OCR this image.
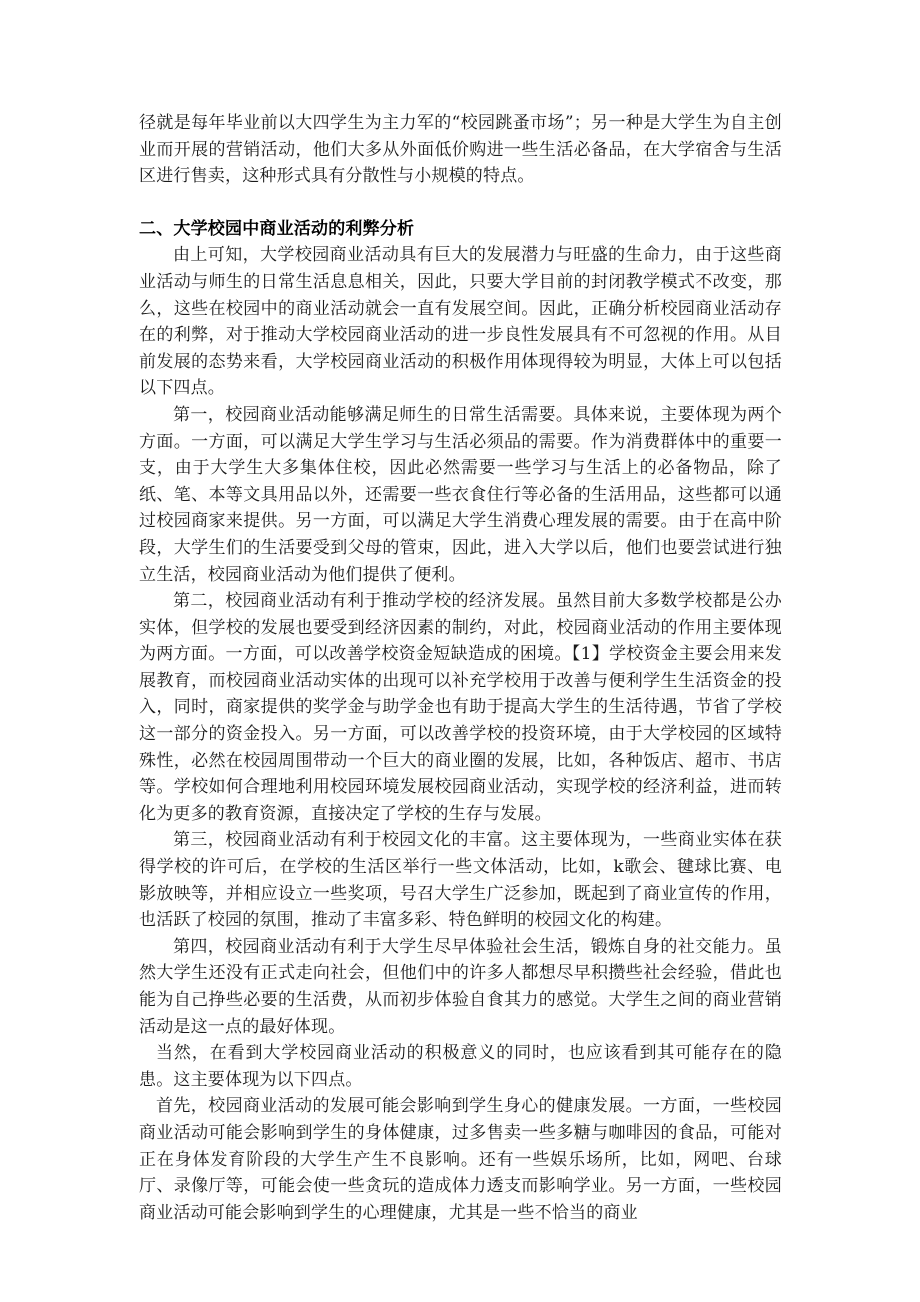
径就是每年毕业前以大四学生为主力军的“校园跳蚤市场”；另一种是大学生为自主创业而开展的营销活动，他们大多从外面低价购进一些生活必备品，在大学宿舍与生活区进行售卖，这种形式具有分散性与小规模的特点。

二、大学校园中商业活动的利弊分析

由上可知，大学校园商业活动具有巨大的发展潜力与旺盛的生命力，由于这些商业活动与师生的日常生活息息相关，因此，只要大学目前的封闭教学模式不改变，那么，这些在校园中的商业活动就会一直有发展空间。因此，正确分析校园商业活动存在的利弊，对于推动大学校园商业活动的进一步良性发展具有不可忽视的作用。从目前发展的态势来看，大学校园商业活动的积极作用体现得较为明显，大体上可以包括以下四点。

第一，校园商业活动能够满足师生的日常生活需要。具体来说，主要体现为两个方面。一方面，可以满足大学生学习与生活必须品的需要。作为消费群体中的重要一支，由于大学生大多集体住校，因此必然需要一些学习与生活上的必备物品，除了纸、笔、本等文具用品以外，还需要一些衣食住行等必备的生活用品，这些都可以通过校园商家来提供。另一方面，可以满足大学生消费心理发展的需要。由于在高中阶段，大学生们的生活要受到父母的管束，因此，进入大学以后，他们也要尝试进行独立生活，校园商业活动为他们提供了便利。

第二，校园商业活动有利于推动学校的经济发展。虽然目前大多数学校都是公办实体，但学校的发展也要受到经济因素的制约，对此，校园商业活动的作用主要体现为两方面。一方面，可以改善学校资金短缺造成的困境。【1】学校资金主要会用来发展教育，而校园商业活动实体的出现可以补充学校用于改善与便利学生生活资金的投入，同时，商家提供的奖学金与助学金也有助于提高大学生的生活待遇，节省了学校这一部分的资金投入。另一方面，可以改善学校的投资环境，由于大学校园的区域特殊性，必然在校园周围带动一个巨大的商业圈的发展，比如，各种饭店、超市、书店等。学校如何合理地利用校园环境发展校园商业活动，实现学校的经济利益，进而转化为更多的教育资源，直接决定了学校的生存与发展。

第三，校园商业活动有利于校园文化的丰富。这主要体现为，一些商业实体在获得学校的许可后，在学校的生活区举行一些文体活动，比如，k歌会、毽球比赛、电影放映等，并相应设立一些奖项，号召大学生广泛参加，既起到了商业宣传的作用，也活跃了校园的氛围，推动了丰富多彩、特色鲜明的校园文化的构建。

第四，校园商业活动有利于大学生尽早体验社会生活，锻炼自身的社交能力。虽然大学生还没有正式走向社会，但他们中的许多人都想尽早积攒些社会经验，借此也能为自己挣些必要的生活费，从而初步体验自食其力的感觉。大学生之间的商业营销活动是这一点的最好体现。

当然，在看到大学校园商业活动的积极意义的同时，也应该看到其可能存在的隐患。这主要体现为以下四点。

首先，校园商业活动的发展可能会影响到学生身心的健康发展。一方面，一些校园商业活动可能会影响到学生的身体健康，过多售卖一些多糖与咖啡因的食品，可能对正在身体发育阶段的大学生产生不良影响。还有一些娱乐场所，比如，网吧、台球厅、录像厅等，可能会使一些贪玩的造成体力透支而影响学业。另一方面，一些校园商业活动可能会影响到学生的心理健康，尤其是一些不恰当的商业
